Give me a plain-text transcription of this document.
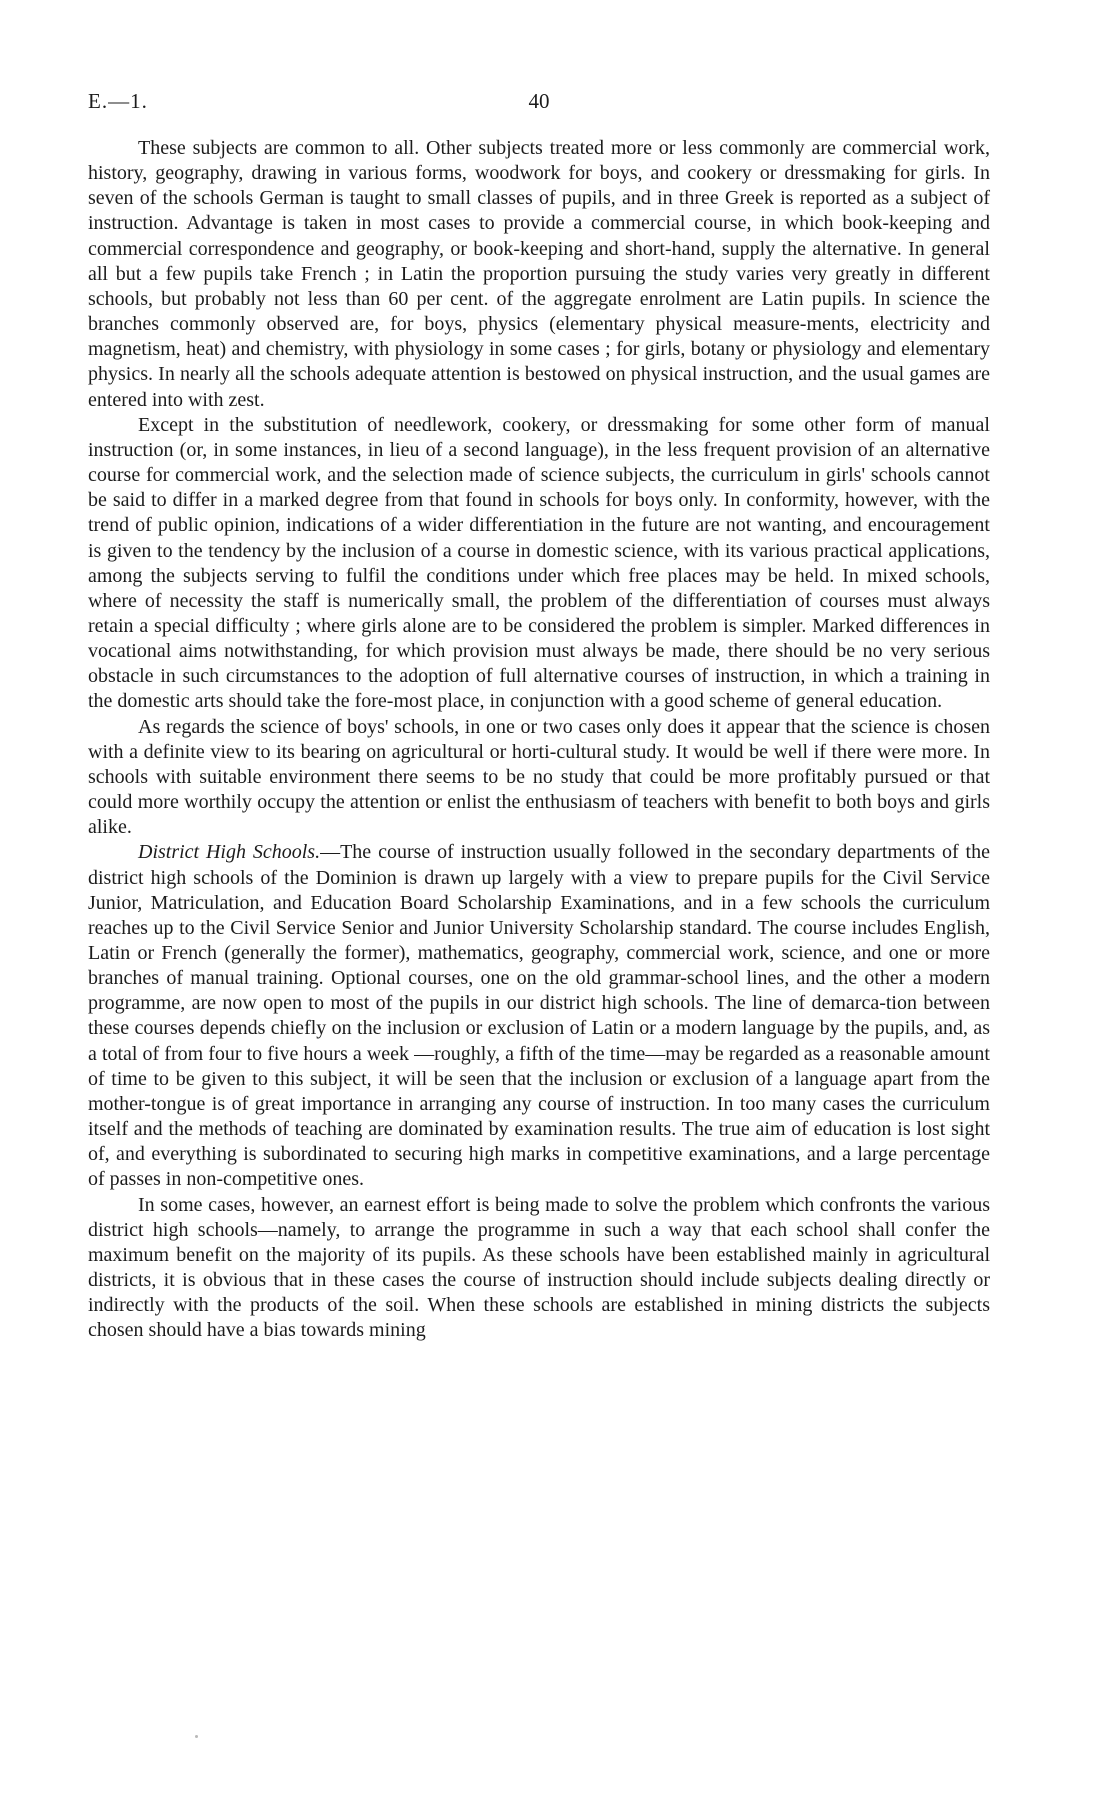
E.—1.	40

These subjects are common to all. Other subjects treated more or less commonly are commercial work, history, geography, drawing in various forms, woodwork for boys, and cookery or dressmaking for girls. In seven of the schools German is taught to small classes of pupils, and in three Greek is reported as a subject of instruction. Advantage is taken in most cases to provide a commercial course, in which book-keeping and commercial correspondence and geography, or book-keeping and short-hand, supply the alternative. In general all but a few pupils take French ; in Latin the proportion pursuing the study varies very greatly in different schools, but probably not less than 60 per cent. of the aggregate enrolment are Latin pupils. In science the branches commonly observed are, for boys, physics (elementary physical measure-ments, electricity and magnetism, heat) and chemistry, with physiology in some cases ; for girls, botany or physiology and elementary physics. In nearly all the schools adequate attention is bestowed on physical instruction, and the usual games are entered into with zest.

Except in the substitution of needlework, cookery, or dressmaking for some other form of manual instruction (or, in some instances, in lieu of a second language), in the less frequent provision of an alternative course for commercial work, and the selection made of science subjects, the curriculum in girls' schools cannot be said to differ in a marked degree from that found in schools for boys only. In conformity, however, with the trend of public opinion, indications of a wider differentiation in the future are not wanting, and encouragement is given to the tendency by the inclusion of a course in domestic science, with its various practical applications, among the subjects serving to fulfil the conditions under which free places may be held. In mixed schools, where of necessity the staff is numerically small, the problem of the differentiation of courses must always retain a special difficulty ; where girls alone are to be considered the problem is simpler. Marked differences in vocational aims notwithstanding, for which provision must always be made, there should be no very serious obstacle in such circumstances to the adoption of full alternative courses of instruction, in which a training in the domestic arts should take the fore-most place, in conjunction with a good scheme of general education.

As regards the science of boys' schools, in one or two cases only does it appear that the science is chosen with a definite view to its bearing on agricultural or horti-cultural study. It would be well if there were more. In schools with suitable environment there seems to be no study that could be more profitably pursued or that could more worthily occupy the attention or enlist the enthusiasm of teachers with benefit to both boys and girls alike.

District High Schools.—The course of instruction usually followed in the secondary departments of the district high schools of the Dominion is drawn up largely with a view to prepare pupils for the Civil Service Junior, Matriculation, and Education Board Scholarship Examinations, and in a few schools the curriculum reaches up to the Civil Service Senior and Junior University Scholarship standard. The course includes English, Latin or French (generally the former), mathematics, geography, commercial work, science, and one or more branches of manual training. Optional courses, one on the old grammar-school lines, and the other a modern programme, are now open to most of the pupils in our district high schools. The line of demarca-tion between these courses depends chiefly on the inclusion or exclusion of Latin or a modern language by the pupils, and, as a total of from four to five hours a week —roughly, a fifth of the time—may be regarded as a reasonable amount of time to be given to this subject, it will be seen that the inclusion or exclusion of a language apart from the mother-tongue is of great importance in arranging any course of instruction. In too many cases the curriculum itself and the methods of teaching are dominated by examination results. The true aim of education is lost sight of, and everything is subordinated to securing high marks in competitive examinations, and a large percentage of passes in non-competitive ones.

In some cases, however, an earnest effort is being made to solve the problem which confronts the various district high schools—namely, to arrange the programme in such a way that each school shall confer the maximum benefit on the majority of its pupils. As these schools have been established mainly in agricultural districts, it is obvious that in these cases the course of instruction should include subjects dealing directly or indirectly with the products of the soil. When these schools are established in mining districts the subjects chosen should have a bias towards mining
